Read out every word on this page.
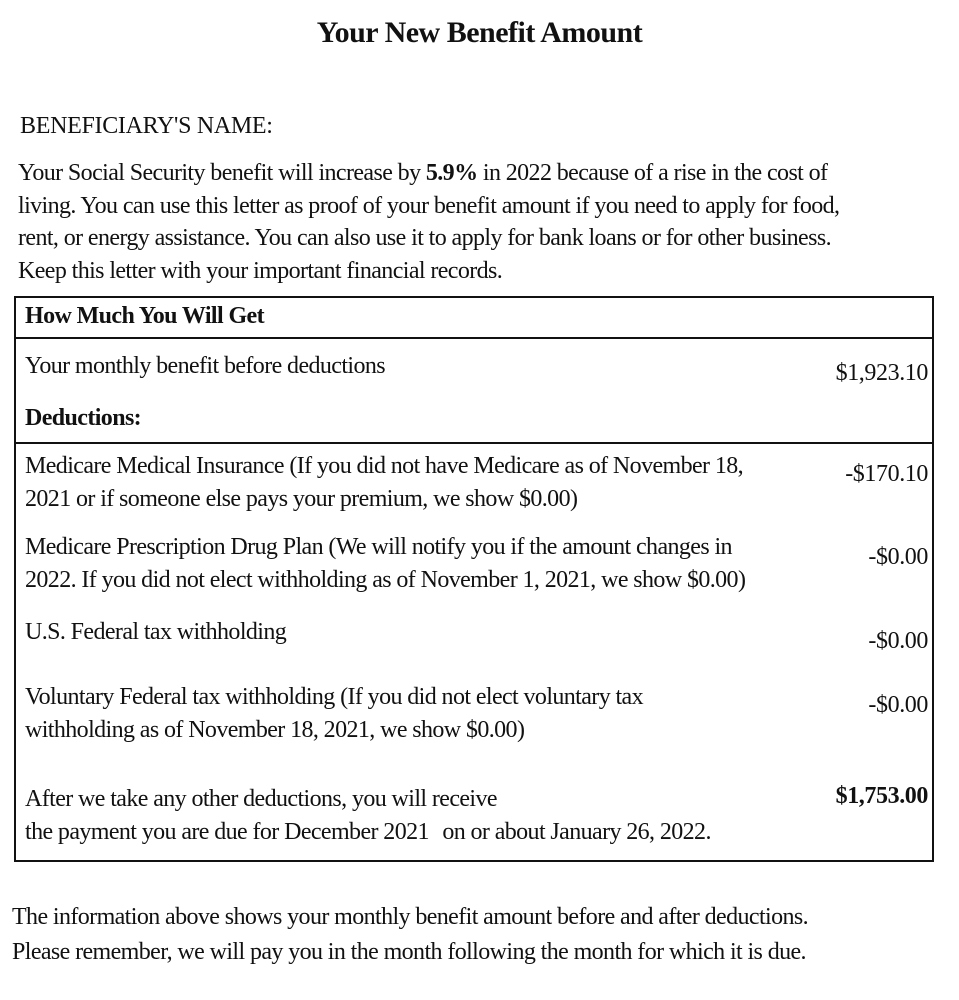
Your New Benefit Amount
BENEFICIARY'S NAME:
Your Social Security benefit will increase by 5.9% in 2022 because of a rise in the cost of
living. You can use this letter as proof of your benefit amount if you need to apply for food,
rent, or energy assistance. You can also use it to apply for bank loans or for other business.
Keep this letter with your important financial records.
How Much You Will Get
Your monthly benefit before deductions	$1,923.10
Deductions:
Medicare Medical Insurance (If you did not have Medicare as of November 18,
2021 or if someone else pays your premium, we show $0.00)
-$170.10
Medicare Prescription Drug Plan (We will notify you if the amount changes in
2022. If you did not elect withholding as of November 1, 2021, we show $0.00)
-$0.00
U.S. Federal tax withholding	-$0.00
Voluntary Federal tax withholding (If you did not elect voluntary tax
withholding as of November 18, 2021, we show $0.00)
-$0.00
After we take any other deductions, you will receive
the payment you are due for December 2021 on or about January 26, 2022.
$1,753.00
The information above shows your monthly benefit amount before and after deductions.
Please remember, we will pay you in the month following the month for which it is due.
